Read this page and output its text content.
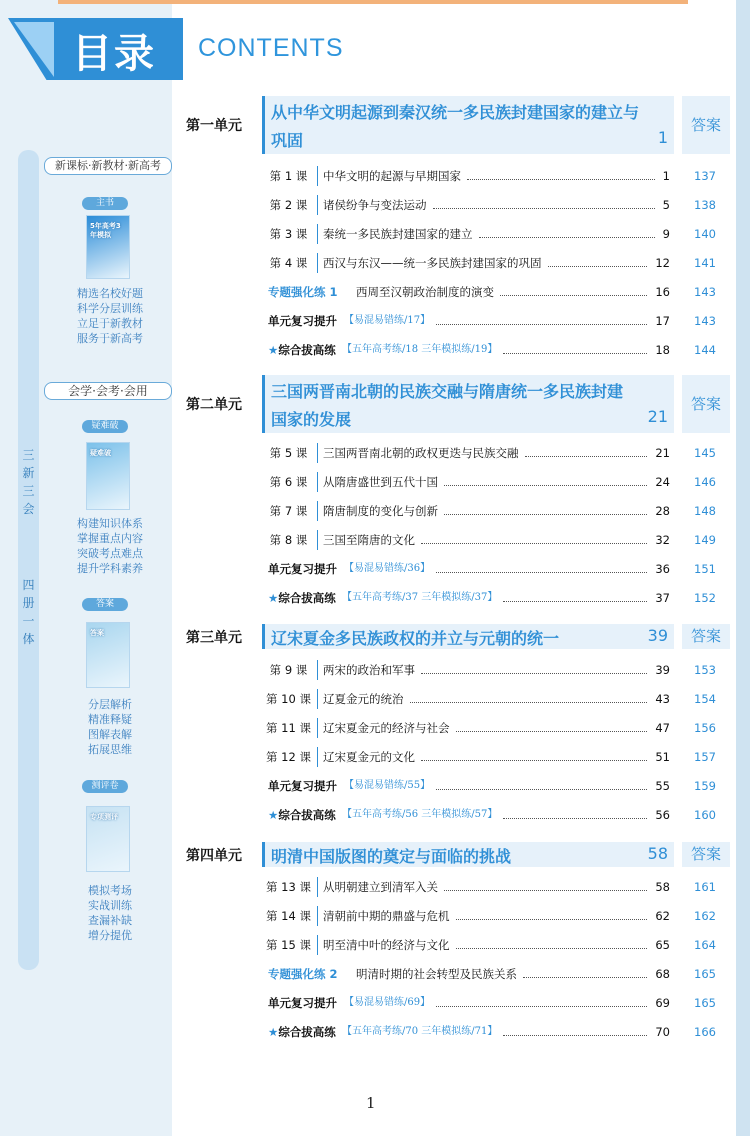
目录 CONTENTS
三
新
三
会
四
册
一
体
新课标·新教材·新高考
会学·会考·会用
主书
5年高考3年模拟
精选名校好题
科学分层训练
立足于新教材
服务于新高考
疑难破
疑难破
构建知识体系
掌握重点内容
突破考点难点
提升学科素养
答案
答案
分层解析
精准释疑
图解表解
拓展思维
测评卷
专项测评
模拟考场
实战训练
查漏补缺
增分提优
第一单元
从中华文明起源到秦汉统一多民族封建国家的建立与
巩固	1
答案
第 1 课	中华文明的起源与早期国家	1 137
第 2 课	诸侯纷争与变法运动	5 138
第 3 课	秦统一多民族封建国家的建立	9 140
第 4 课	西汉与东汉——统一多民族封建国家的巩固	12 141
专题强化练 1 西周至汉朝政治制度的演变	16 143
单元复习提升 【易混易错练/17】	17 143
★综合拔高练 【五年高考练/18 三年模拟练/19】	18 144
第二单元
三国两晋南北朝的民族交融与隋唐统一多民族封建
国家的发展	21
答案
第 5 课	三国两晋南北朝的政权更迭与民族交融	21 145
第 6 课	从隋唐盛世到五代十国	24 146
第 7 课	隋唐制度的变化与创新	28 148
第 8 课	三国至隋唐的文化	32 149
单元复习提升 【易混易错练/36】	36 151
★综合拔高练 【五年高考练/37 三年模拟练/37】	37 152
第三单元 辽宋夏金多民族政权的并立与元朝的统一	39	答案
第 9 课	两宋的政治和军事	39 153
第 10 课	辽夏金元的统治	43 154
第 11 课	辽宋夏金元的经济与社会	47 156
第 12 课	辽宋夏金元的文化	51 157
单元复习提升 【易混易错练/55】	55 159
★综合拔高练 【五年高考练/56 三年模拟练/57】	56 160
第四单元 明清中国版图的奠定与面临的挑战	58	答案
第 13 课	从明朝建立到清军入关	58 161
第 14 课	清朝前中期的鼎盛与危机	62 162
第 15 课	明至清中叶的经济与文化	65 164
专题强化练 2 明清时期的社会转型及民族关系	68 165
单元复习提升 【易混易错练/69】	69 165
★综合拔高练 【五年高考练/70 三年模拟练/71】	70 166
1
